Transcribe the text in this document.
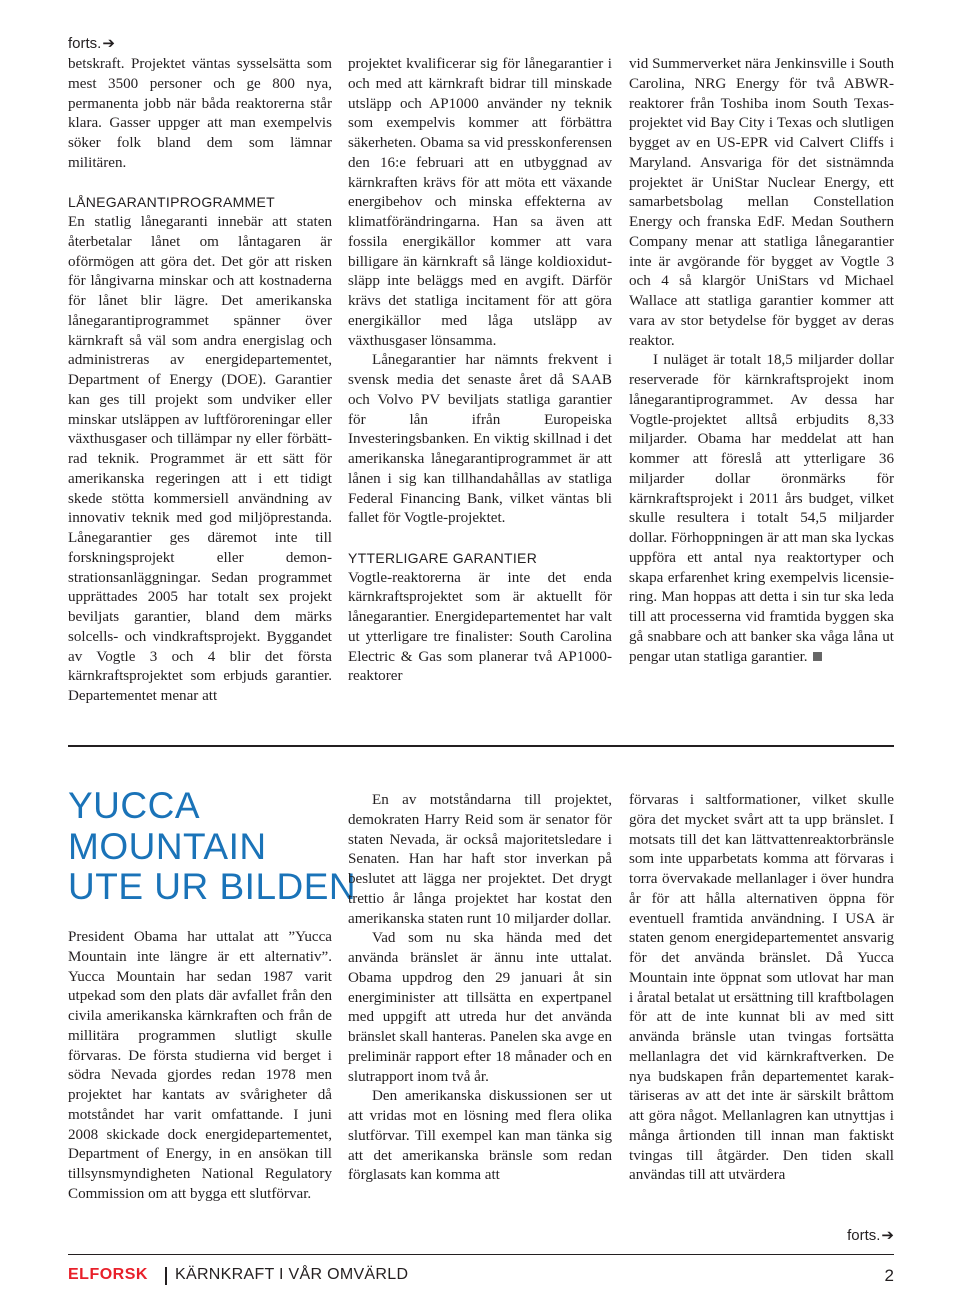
forts.➔

betskraft. Projektet väntas sysselsätta som mest 3500 personer och ge 800 nya, permanenta jobb när båda reaktorerna står klara. Gasser uppger att man exempelvis söker folk bland dem som lämnar militären.

LÅNEGARANTIPROGRAMMET

En statlig lånegaranti innebär att staten återbetalar lånet om låntagaren är oförmögen att göra det. Det gör att risken för långivarna minskar och att kostnaderna för lånet blir lägre. Det amerikanska lånegarantiprogrammet spänner över kärnkraft så väl som andra energislag och administreras av energidepartementet, Department of Energy (DOE). Garantier kan ges till projekt som undviker eller minskar utsläppen av luftföroreningar eller växthusgaser och tillämpar ny eller förbättrad teknik. Programmet är ett sätt för amerikanska regeringen att i ett tidigt skede stötta kommersiell användning av innovativ teknik med god miljöprestanda. Lånegarantier ges däremot inte till forskningsprojekt eller demonstrationsanläggningar. Sedan programmet upprättades 2005 har totalt sex projekt beviljats garantier, bland dem märks solcells- och vindkraftsprojekt. Byggandet av Vogtle 3 och 4 blir det första kärnkraftsprojektet som erbjuds garantier. Departementet menar att

projektet kvalificerar sig för lånegarantier i och med att kärnkraft bidrar till minskade utsläpp och AP1000 använder ny teknik som exempelvis kommer att förbättra säkerheten. Obama sa vid presskonferensen den 16:e februari att en utbyggnad av kärnkraften krävs för att möta ett växande energibehov och minska effekterna av klimatförändringarna. Han sa även att fossila energikällor kommer att vara billigare än kärnkraft så länge koldioxidutsläpp inte beläggs med en avgift. Därför krävs det statliga incitament för att göra energikällor med låga utsläpp av växthusgaser lönsamma.

Lånegarantier har nämnts frekvent i svensk media det senaste året då SAAB och Volvo PV beviljats statliga garantier för lån ifrån Europeiska Investeringsbanken. En viktig skillnad i det amerikanska lånegarantiprogrammet är att lånen i sig kan tillhandahållas av statliga Federal Financing Bank, vilket väntas bli fallet för Vogtle-projektet.

YTTERLIGARE GARANTIER

Vogtle-reaktorerna är inte det enda kärnkraftsprojektet som är aktuellt för lånegarantier. Energidepartementet har valt ut ytterligare tre finalister: South Carolina Electric & Gas som planerar två AP1000-reaktorer

vid Summerverket nära Jenkinsville i South Carolina, NRG Energy för två ABWR-reaktorer från Toshiba inom South Texas-projektet vid Bay City i Texas och slutligen bygget av en US-EPR vid Calvert Cliffs i Maryland. Ansvariga för det sistnämnda projektet är UniStar Nuclear Energy, ett samarbetsbolag mellan Constellation Energy och franska EdF. Medan Southern Company menar att statliga lånegarantier inte är avgörande för bygget av Vogtle 3 och 4 så klargör UniStars vd Michael Wallace att statliga garantier kommer att vara av stor betydelse för bygget av deras reaktor.

I nuläget är totalt 18,5 miljarder dollar reserverade för kärnkraftsprojekt inom lånegarantiprogrammet. Av dessa har Vogtle-projektet alltså erbjudits 8,33 miljarder. Obama har meddelat att han kommer att föreslå att ytterligare 36 miljarder dollar öronmärks för kärnkraftsprojekt i 2011 års budget, vilket skulle resultera i totalt 54,5 miljarder dollar. Förhoppningen är att man ska lyckas uppföra ett antal nya reaktortyper och skapa erfarenhet kring exempelvis licensiering. Man hoppas att detta i sin tur ska leda till att processerna vid framtida byggen ska gå snabbare och att banker ska våga låna ut pengar utan statliga garantier.

YUCCA
MOUNTAIN
UTE UR BILDEN

President Obama har uttalat att ”Yucca Mountain inte längre är ett alternativ”. Yucca Mountain har sedan 1987 varit utpekad som den plats där avfallet från den civila amerikanska kärnkraften och från de millitära programmen slutligt skulle förvaras. De första studierna vid berget i södra Nevada gjordes redan 1978 men projektet har kantats av svårigheter då motståndet har varit omfattande. I juni 2008 skickade dock energidepartementet, Department of Energy, in en ansökan till tillsynsmyndigheten National Regulatory Commission om att bygga ett slutförvar.

En av motståndarna till projektet, demokraten Harry Reid som är senator för staten Nevada, är också majoritetsledare i Senaten. Han har haft stor inverkan på beslutet att lägga ner projektet. Det drygt trettio år långa projektet har kostat den amerikanska staten runt 10 miljarder dollar.

Vad som nu ska hända med det använda bränslet är ännu inte uttalat. Obama uppdrog den 29 januari åt sin energiminister att tillsätta en expertpanel med uppgift att utreda hur det använda bränslet skall hanteras. Panelen ska avge en preliminär rapport efter 18 månader och en slutrapport inom två år.

Den amerikanska diskussionen ser ut att vridas mot en lösning med flera olika slutförvar. Till exempel kan man tänka sig att det amerikanska bränsle som redan förglasats kan komma att

förvaras i saltformationer, vilket skulle göra det mycket svårt att ta upp bränslet. I motsats till det kan lättvattenreaktorbränsle som inte upparbetats komma att förvaras i torra övervakade mellanlager i över hundra år för att hålla alternativen öppna för eventuell framtida användning. I USA är staten genom energidepartementet ansvarig för det använda bränslet. Då Yucca Mountain inte öppnat som utlovat har man i åratal betalat ut ersättning till kraftbolagen för att de inte kunnat bli av med sitt använda bränsle utan tvingas fortsätta mellanlagra det vid kärnkraftverken. De nya budskapen från departementet karaktäriseras av att det inte är särskilt bråttom att göra något. Mellanlagren kan utnyttjas i många årtionden till innan man faktiskt tvingas till åtgärder. Den tiden skall användas till att utvärdera

forts.➔
ELFORSK KÄRNKRAFT I VÅR OMVÄRLD	2
